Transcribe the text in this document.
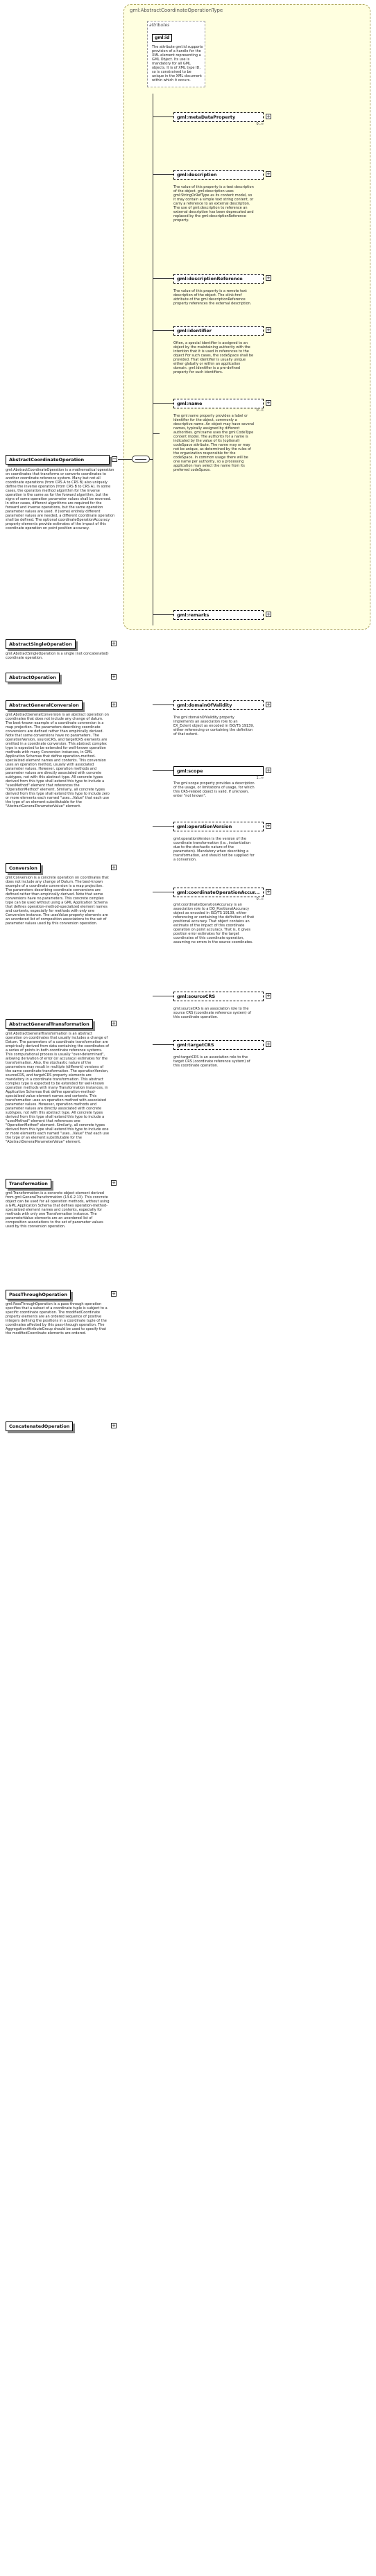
gml:AbstractCoordinateOperationType
attributes
gml:id
The attribute gml:id supports provision of a handle for the XML element representing a GML Object. Its use is mandatory for all GML objects. It is of XML type ID, so is constrained to be unique in the XML document within which it occurs.
AbstractCoordinateOperation	−
gml:AbstractCoordinateOperation is a mathematical operation on coordinates that transforms or converts coordinates to another coordinate reference system. Many but not all coordinate operations (from CRS A to CRS B) also uniquely define the inverse operation (from CRS B to CRS A). In some cases, the operation method algorithm for the inverse operation is the same as for the forward algorithm, but the signs of some operation parameter values shall be reversed. In other cases, different algorithms are required for the forward and inverse operations, but the same operation parameter values are used. If (some) entirely different parameter values are needed, a different coordinate operation shall be defined. The optional coordinateOperationAccuracy property elements provide estimates of the impact of this coordinate operation on point position accuracy.
gml:metaDataProperty	+
0..∞
gml:description	+
The value of this property is a text description of the object. gml:description uses gml:StringOrRefType as its content model, so it may contain a simple text string content, or carry a reference to an external description. The use of gml:description to reference an external description has been deprecated and replaced by the gml:descriptionReference property.
gml:descriptionReference	+
The value of this property is a remote text description of the object. The xlink:href attribute of the gml:descriptionReference property references the external description.
gml:identifier	+
Often, a special identifier is assigned to an object by the maintaining authority with the intention that it is used in references to the object For such cases, the codeSpace shall be provided. That identifier is usually unique either globally or within an application domain. gml:identifier is a pre-defined property for such identifiers.
gml:name	+
0..∞
The gml:name property provides a label or identifier for the object, commonly a descriptive name. An object may have several names, typically assigned by different authorities. gml:name uses the gml:CodeType content model. The authority for a name is indicated by the value of its (optional) codeSpace attribute. The name may or may not be unique, as determined by the rules of the organization responsible for the codeSpace. In common usage there will be one name per authority, so a processing application may select the name from its preferred codeSpace.
gml:remarks	+
gml:domainOfValidity	+
The gml:domainOfValidity property implements an association role to an EX_Extent object as encoded in ISO/TS 19139, either referencing or containing the definition of that extent.
gml:scope	+
1..∞
The gml:scope property provides a description of the usage, or limitations of usage, for which this CRS-related object is valid. If unknown, enter "not known".
gml:operationVersion	+
gml:operationVersion is the version of the coordinate transformation (i.e., instantiation due to the stochastic nature of the parameters). Mandatory when describing a transformation, and should not be supplied for a conversion.
gml:coordinateOperationAccur...	+
0..∞
gml:coordinateOperationAccuracy is an association role to a DQ_PositionalAccuracy object as encoded in ISO/TS 19139, either referencing or containing the definition of that positional accuracy. That object contains an estimate of the impact of this coordinate operation on point accuracy. That is, it gives position error estimates for the target coordinates of this coordinate operation, assuming no errors in the source coordinates.
gml:sourceCRS	+
gml:sourceCRS is an association role to the source CRS (coordinate reference system) of this coordinate operation.
gml:targetCRS	+
gml:targetCRS is an association role to the target CRS (coordinate reference system) of this coordinate operation.
AbstractSingleOperation	+
gml:AbstractSingleOperation is a single (not concatenated) coordinate operation.
AbstractOperation	+
AbstractGeneralConversion	+
gml:AbstractGeneralConversion is an abstract operation on coordinates that does not include any change of datum. The best-known example of a coordinate conversion is a map projection. The parameters describing coordinate conversions are defined rather than empirically derived. Note that some conversions have no parameters. The operationVersion, sourceCRS, and targetCRS elements are omitted in a coordinate conversion. This abstract complex type is expected to be extended for well-known operation methods with many Conversion instances, in GML Application Schemas that define operation-method-specialized element names and contents. This conversion uses an operation method, usually with associated parameter values. However, operation methods and parameter values are directly associated with concrete subtypes, not with this abstract type. All concrete types derived from this type shall extend this type to include a "usesMethod" element that references the "OperationMethod" element. Similarly, all concrete types derived from this type shall extend this type to include zero or more elements each named "uses...Value" that each use the type of an element substitutable for the "AbstractGeneralParameterValue" element.
Conversion	+
gml:Conversion is a concrete operation on coordinates that does not include any change of Datum. The best-known example of a coordinate conversion is a map projection. The parameters describing coordinate conversions are defined rather than empirically derived. Note that some conversions have no parameters. This concrete complex type can be used without using a GML Application Schema that defines operation-method-specialized element names and contents, especially for methods with only one Conversion instance. The usesValue property elements are an unordered list of composition associations to the set of parameter values used by this conversion operation.
AbstractGeneralTransformation	+
gml:AbstractGeneralTransformation is an abstract operation on coordinates that usually includes a change of Datum. The parameters of a coordinate transformation are empirically derived from data containing the coordinates of a series of points in both coordinate reference systems. This computational process is usually "over-determined", allowing derivation of error (or accuracy) estimates for the transformation. Also, the stochastic nature of the parameters may result in multiple (different) versions of the same coordinate transformation. The operationVersion, sourceCRS, and targetCRS property elements are mandatory in a coordinate transformation. This abstract complex type is expected to be extended for well-known operation methods with many Transformation instances, in Application Schemas that define operation-method-specialized value element names and contents. This transformation uses an operation method with associated parameter values. However, operation methods and parameter values are directly associated with concrete subtypes, not with this abstract type. All concrete types derived from this type shall extend this type to include a "usesMethod" element that references one "OperationMethod" element. Similarly, all concrete types derived from this type shall extend this type to include one or more elements each named "uses...Value" that each use the type of an element substitutable for the "AbstractGeneralParameterValue" element.
Transformation	+
gml:Transformation is a concrete object element derived from gml:GeneralTransformation (13.6.2.13). This concrete object can be used for all operation methods, without using a GML Application Schema that defines operation-method-specialized element names and contents, especially for methods with only one Transformation instance. The parameterValue elements are an unordered list of composition associations to the set of parameter values used by this conversion operation.
PassThroughOperation	+
gml:PassThroughOperation is a pass-through operation specifies that a subset of a coordinate tuple is subject to a specific coordinate operation. The modifiedCoordinate property elements are an ordered sequence of positive integers defining the positions in a coordinate tuple of the coordinates affected by this pass-through operation. The AggregationAttributeGroup should be used to specify that the modifiedCoordinate elements are ordered.
ConcatenatedOperation	+
